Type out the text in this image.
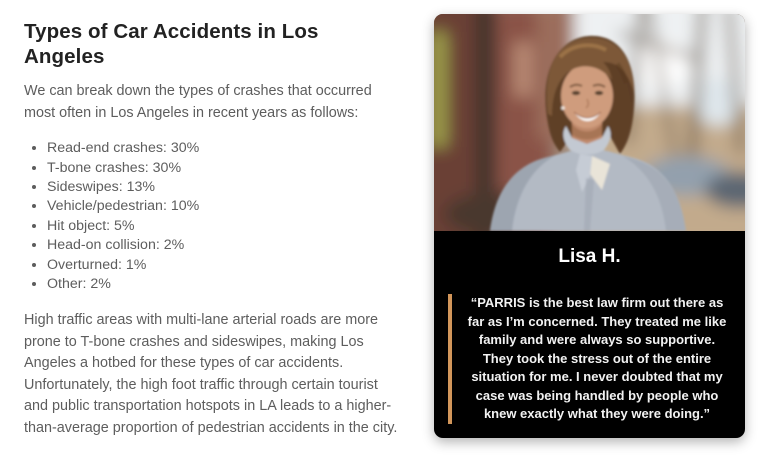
Types of Car Accidents in Los Angeles

We can break down the types of crashes that occurred most often in Los Angeles in recent years as follows:

• Read-end crashes: 30%
• T-bone crashes: 30%
• Sideswipes: 13%
• Vehicle/pedestrian: 10%
• Hit object: 5%
• Head-on collision: 2%
• Overturned: 1%
• Other: 2%

High traffic areas with multi-lane arterial roads are more prone to T-bone crashes and sideswipes, making Los Angeles a hotbed for these types of car accidents. Unfortunately, the high foot traffic through certain tourist and public transportation hotspots in LA leads to a higher-than-average proportion of pedestrian accidents in the city.

Lisa H.
“PARRIS is the best law firm out there as far as I’m concerned. They treated me like family and were always so supportive. They took the stress out of the entire situation for me. I never doubted that my case was being handled by people who knew exactly what they were doing.”
